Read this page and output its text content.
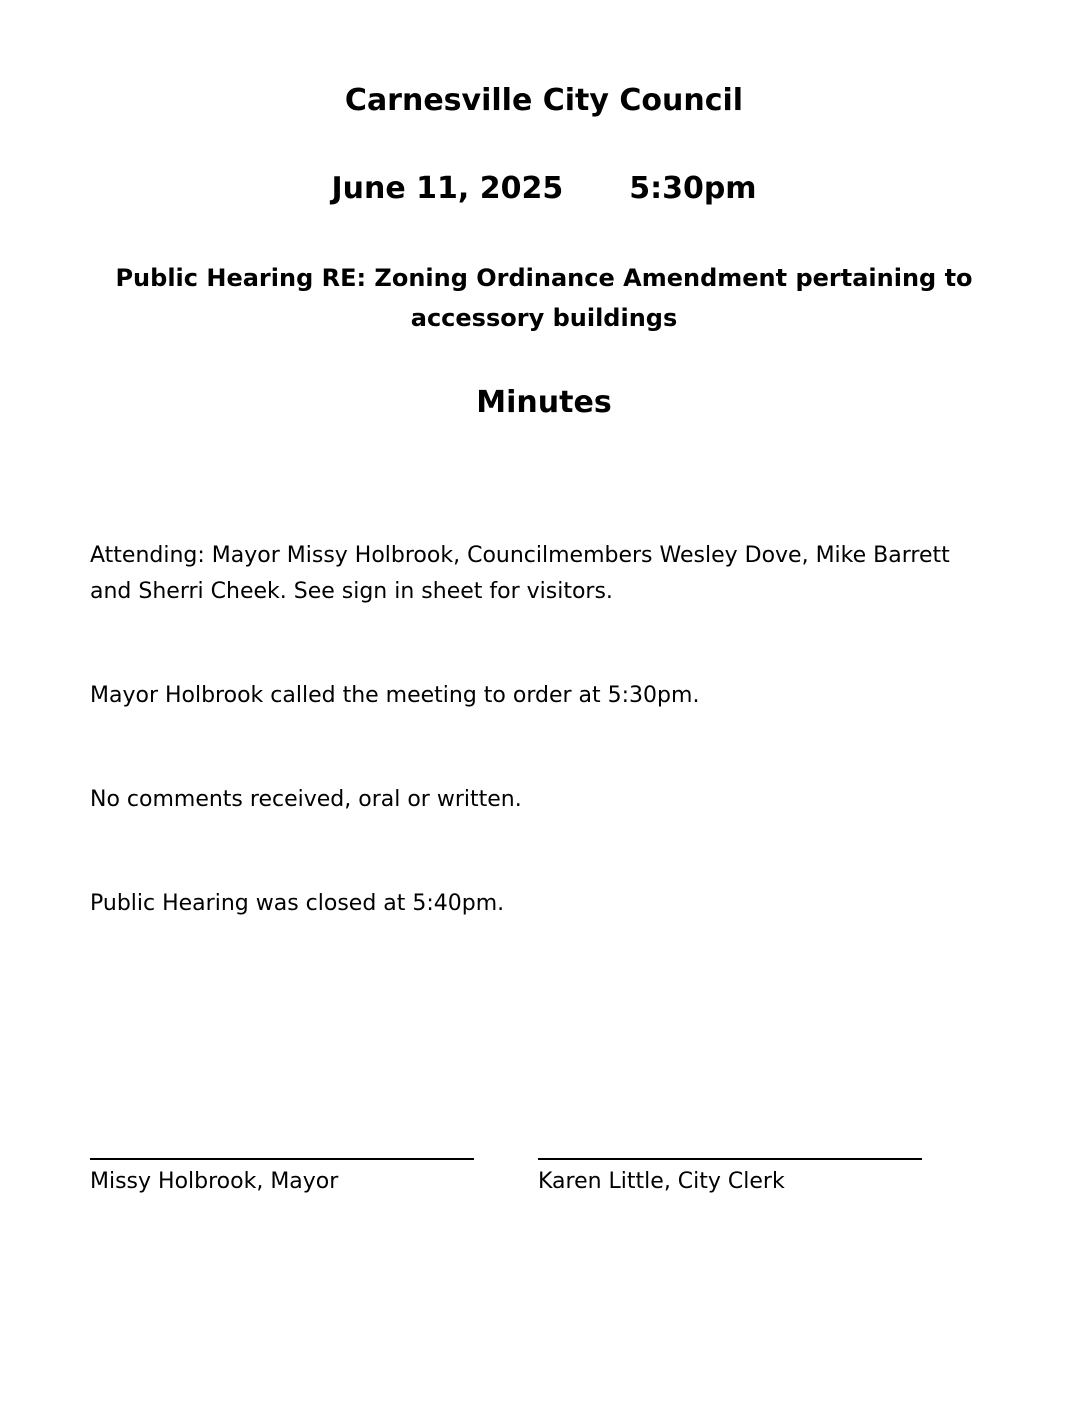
Carnesville City Council
June 11, 2025 5:30pm
Public Hearing RE: Zoning Ordinance Amendment pertaining to
accessory buildings
Minutes
Attending: Mayor Missy Holbrook, Councilmembers Wesley Dove, Mike Barrett
and Sherri Cheek. See sign in sheet for visitors.
Mayor Holbrook called the meeting to order at 5:30pm.
No comments received, oral or written.
Public Hearing was closed at 5:40pm.
Missy Holbrook, Mayor	Karen Little, City Clerk
